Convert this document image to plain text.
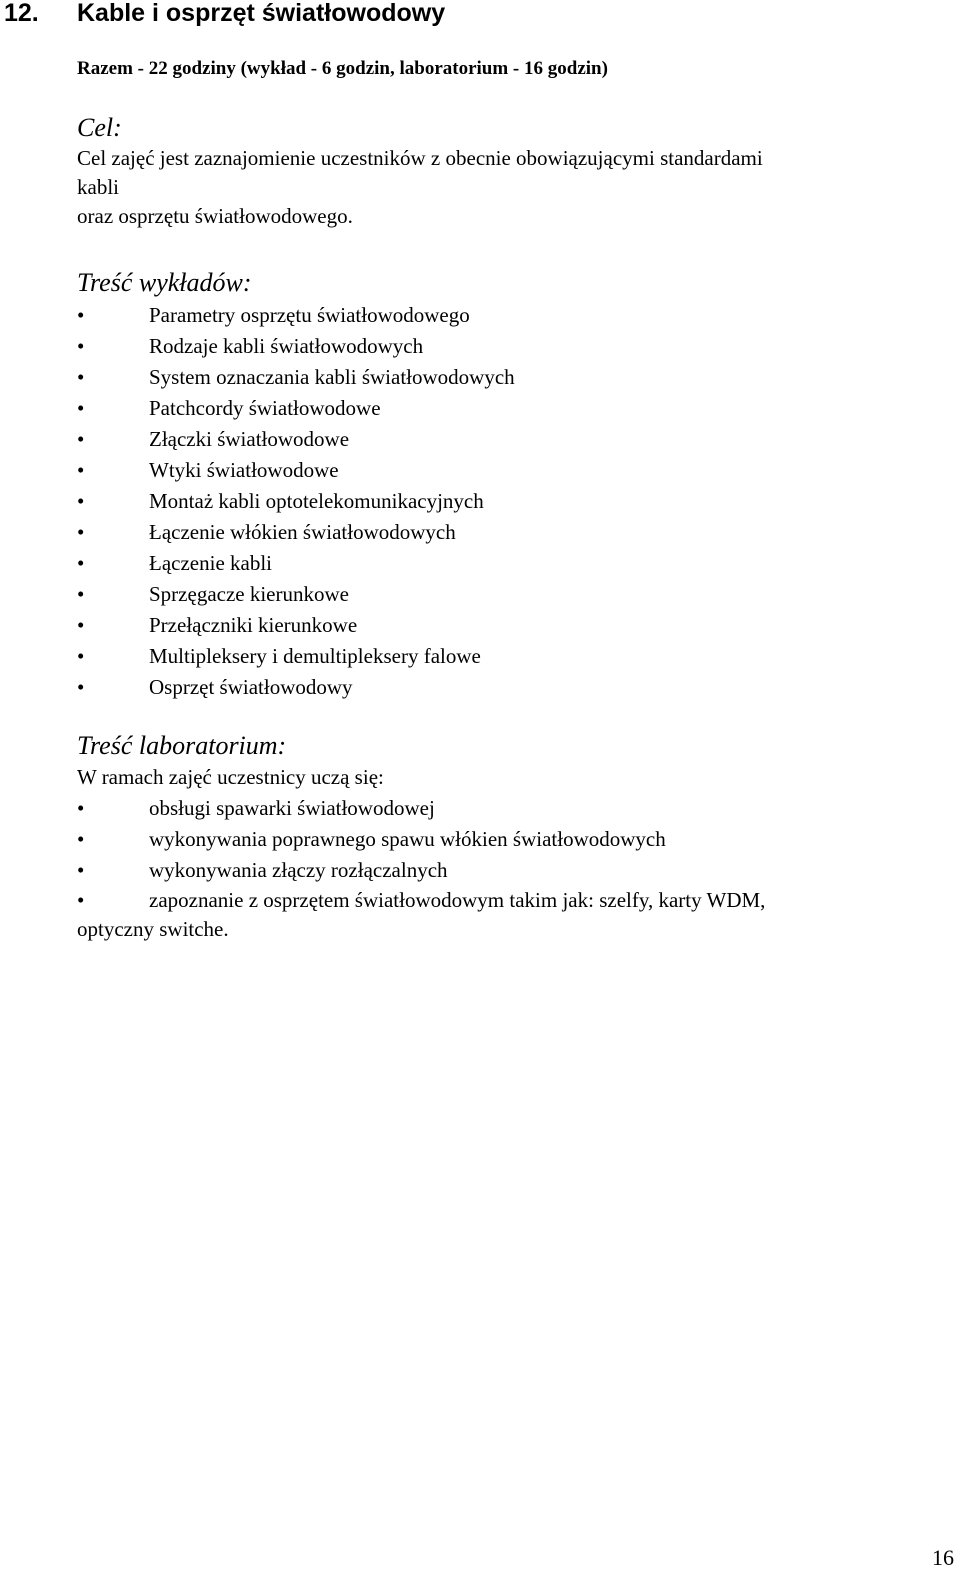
12. Kable i osprzęt światłowodowy
Razem - 22 godziny (wykład - 6 godzin, laboratorium - 16 godzin)
Cel:
Cel zajęć jest zaznajomienie uczestników z obecnie obowiązującymi standardami
kabli
oraz osprzętu światłowodowego.
Treść wykładów:
•	Parametry osprzętu światłowodowego
•	Rodzaje kabli światłowodowych
•	System oznaczania kabli światłowodowych
•	Patchcordy światłowodowe
•	Złączki światłowodowe
•	Wtyki światłowodowe
•	Montaż kabli optotelekomunikacyjnych
•	Łączenie włókien światłowodowych
•	Łączenie kabli
•	Sprzęgacze kierunkowe
•	Przełączniki kierunkowe
•	Multipleksery i demultipleksery falowe
•	Osprzęt światłowodowy
Treść laboratorium:
W ramach zajęć uczestnicy uczą się:
•	obsługi spawarki światłowodowej
•	wykonywania poprawnego spawu włókien światłowodowych
•	wykonywania złączy rozłączalnych
•	zapoznanie z osprzętem światłowodowym takim jak: szelfy, karty WDM,
optyczny switche.
16
